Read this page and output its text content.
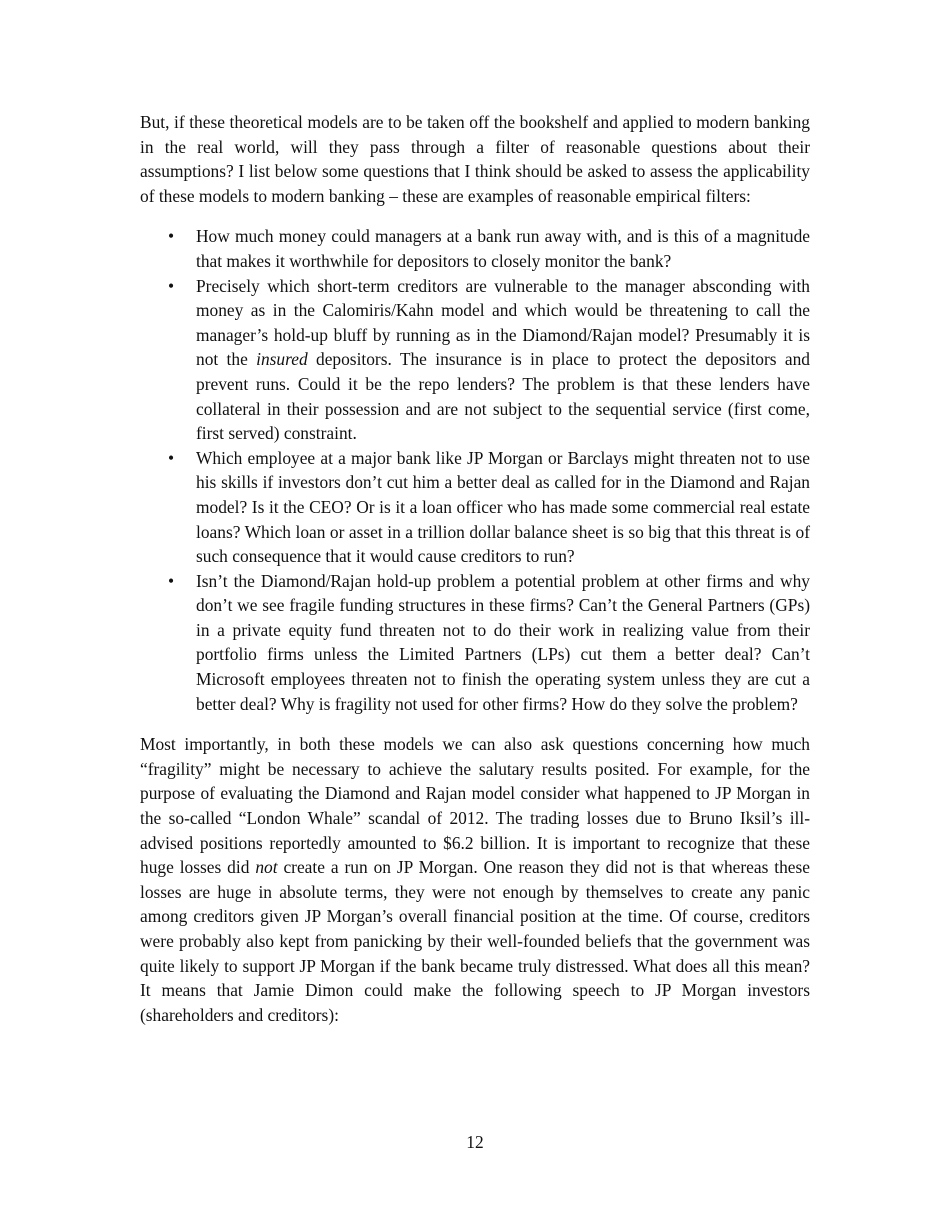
But, if these theoretical models are to be taken off the bookshelf and applied to modern banking in the real world, will they pass through a filter of reasonable questions about their assumptions? I list below some questions that I think should be asked to assess the applicability of these models to modern banking – these are examples of reasonable empirical filters:

• How much money could managers at a bank run away with, and is this of a magnitude that makes it worthwhile for depositors to closely monitor the bank?
• Precisely which short-term creditors are vulnerable to the manager absconding with money as in the Calomiris/Kahn model and which would be threatening to call the manager’s hold-up bluff by running as in the Diamond/Rajan model? Presumably it is not the insured depositors. The insurance is in place to protect the depositors and prevent runs. Could it be the repo lenders? The problem is that these lenders have collateral in their possession and are not subject to the sequential service (first come, first served) constraint.
• Which employee at a major bank like JP Morgan or Barclays might threaten not to use his skills if investors don’t cut him a better deal as called for in the Diamond and Rajan model? Is it the CEO? Or is it a loan officer who has made some commercial real estate loans? Which loan or asset in a trillion dollar balance sheet is so big that this threat is of such consequence that it would cause creditors to run?
• Isn’t the Diamond/Rajan hold-up problem a potential problem at other firms and why don’t we see fragile funding structures in these firms? Can’t the General Partners (GPs) in a private equity fund threaten not to do their work in realizing value from their portfolio firms unless the Limited Partners (LPs) cut them a better deal? Can’t Microsoft employees threaten not to finish the operating system unless they are cut a better deal? Why is fragility not used for other firms? How do they solve the problem?

Most importantly, in both these models we can also ask questions concerning how much “fragility” might be necessary to achieve the salutary results posited. For example, for the purpose of evaluating the Diamond and Rajan model consider what happened to JP Morgan in the so-called “London Whale” scandal of 2012. The trading losses due to Bruno Iksil’s ill-advised positions reportedly amounted to $6.2 billion. It is important to recognize that these huge losses did not create a run on JP Morgan. One reason they did not is that whereas these losses are huge in absolute terms, they were not enough by themselves to create any panic among creditors given JP Morgan’s overall financial position at the time. Of course, creditors were probably also kept from panicking by their well-founded beliefs that the government was quite likely to support JP Morgan if the bank became truly distressed. What does all this mean? It means that Jamie Dimon could make the following speech to JP Morgan investors (shareholders and creditors):

12
